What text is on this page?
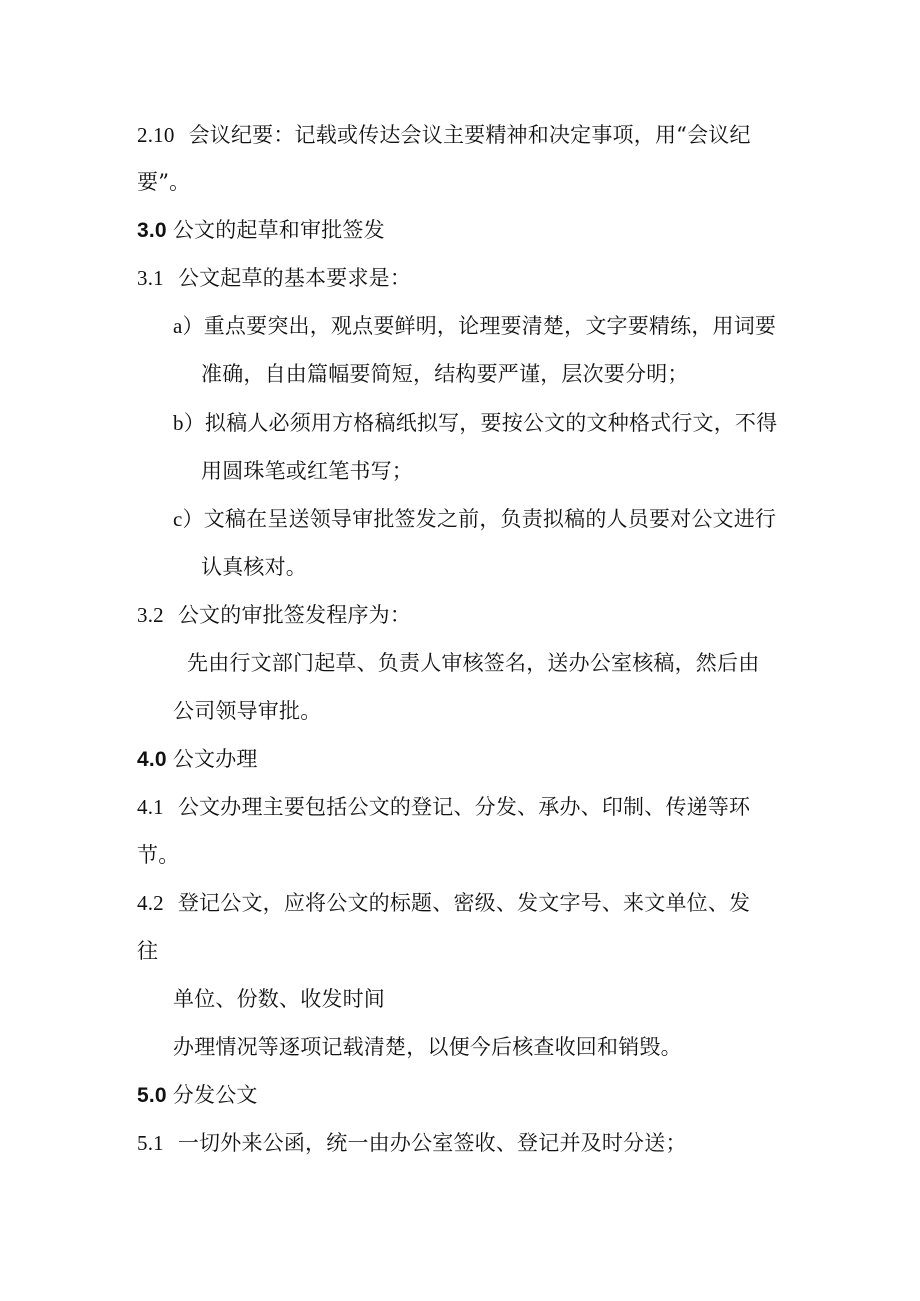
2.10 会议纪要：记载或传达会议主要精神和决定事项，用“会议纪
要”。
3.0 公文的起草和审批签发
3.1 公文起草的基本要求是：
a）重点要突出，观点要鲜明，论理要清楚，文字要精练，用词要
准确，自由篇幅要简短，结构要严谨，层次要分明；
b）拟稿人必须用方格稿纸拟写，要按公文的文种格式行文，不得
用圆珠笔或红笔书写；
c）文稿在呈送领导审批签发之前，负责拟稿的人员要对公文进行
认真核对。
3.2 公文的审批签发程序为：
先由行文部门起草、负责人审核签名，送办公室核稿，然后由
公司领导审批。
4.0 公文办理
4.1 公文办理主要包括公文的登记、分发、承办、印制、传递等环
节。
4.2 登记公文，应将公文的标题、密级、发文字号、来文单位、发
往
单位、份数、收发时间
办理情况等逐项记载清楚，以便今后核查收回和销毁。
5.0 分发公文
5.1 一切外来公函，统一由办公室签收、登记并及时分送；
